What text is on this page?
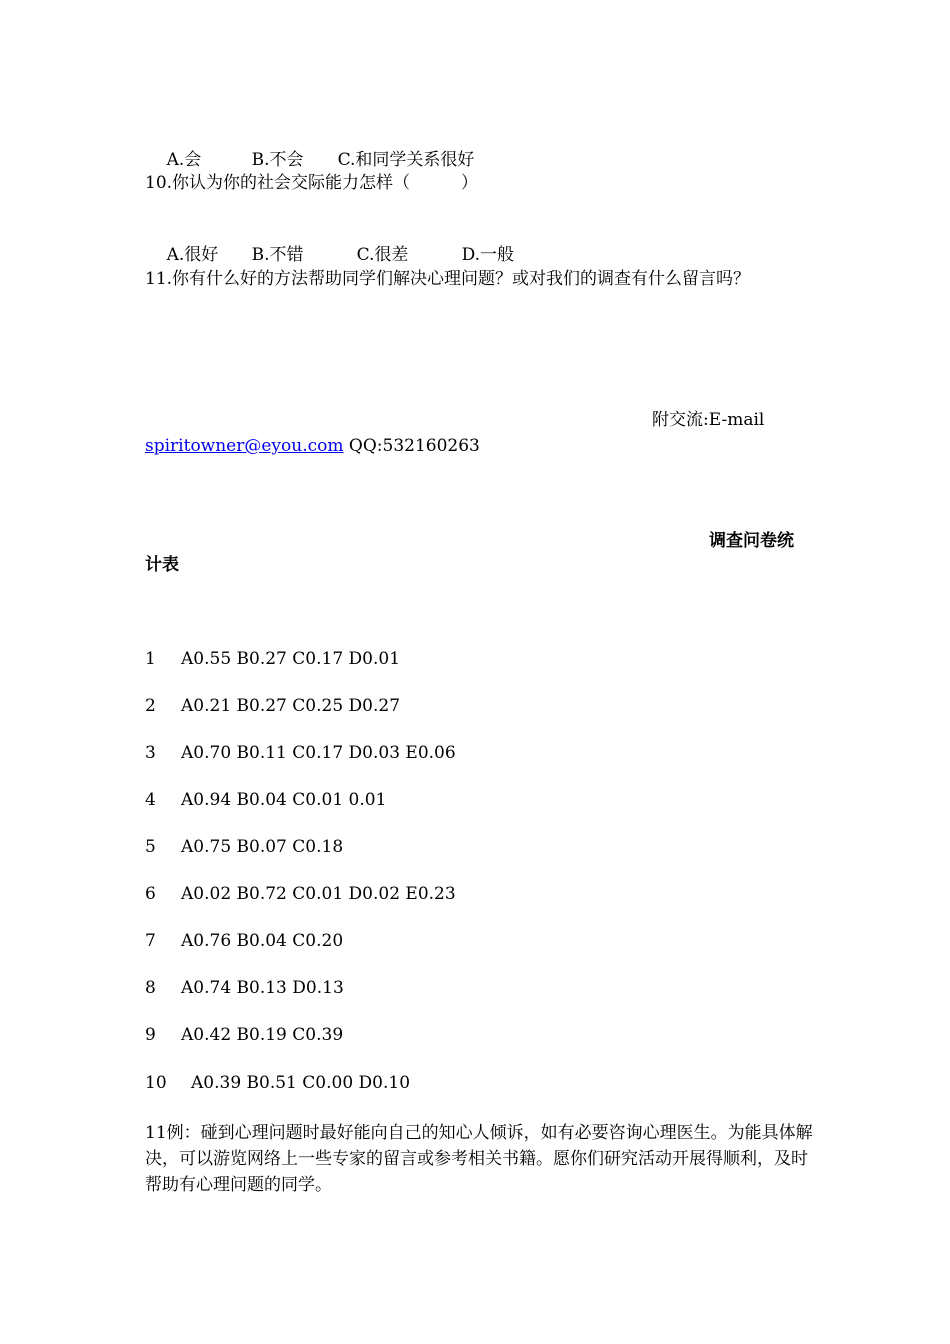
A.会	B.不会 C.和同学关系很好

10.你认为你的社会交际能力怎样（　　　）

A.很好 B.不错	C.很差	D.一般

11.你有什么好的方法帮助同学们解决心理问题？或对我们的调查有什么留言吗？
附交流:E-mail
spiritowner@eyou.com QQ:532160263
调查问卷统
计表
1 A0.55 B0.27 C0.17 D0.01
2 A0.21 B0.27 C0.25 D0.27
3 A0.70 B0.11 C0.17 D0.03 E0.06
4 A0.94 B0.04 C0.01 0.01
5 A0.75 B0.07 C0.18
6 A0.02 B0.72 C0.01 D0.02 E0.23
7 A0.76 B0.04 C0.20
8 A0.74 B0.13 D0.13
9 A0.42 B0.19 C0.39
10 A0.39 B0.51 C0.00 D0.10
11例：碰到心理问题时最好能向自己的知心人倾诉，如有必要咨询心理医生。为能具体解决，可以游览网络上一些专家的留言或参考相关书籍。愿你们研究活动开展得顺利，及时帮助有心理问题的同学。
